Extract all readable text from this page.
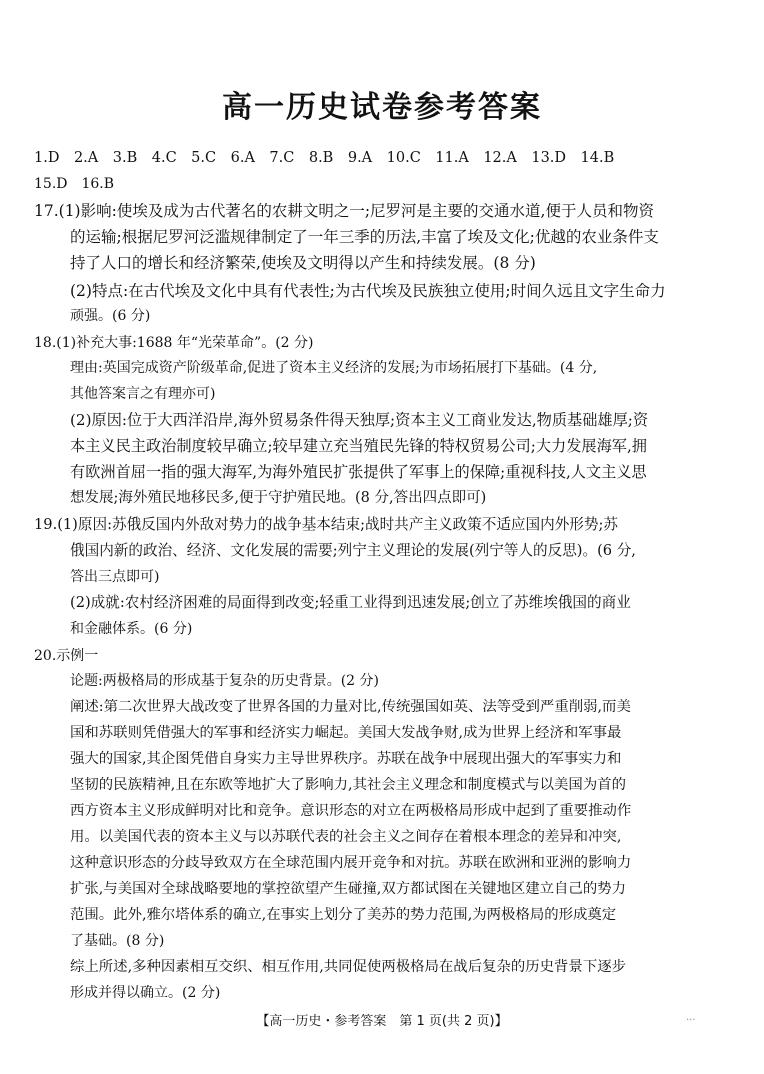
高一历史试卷参考答案
1.D　2.A　3.B　4.C　5.C　6.A　7.C　8.B　9.A　10.C　11.A　12.A　13.D　14.B
15.D　16.B
17.(1)影响:使埃及成为古代著名的农耕文明之一;尼罗河是主要的交通水道,便于人员和物资
的运输;根据尼罗河泛滥规律制定了一年三季的历法,丰富了埃及文化;优越的农业条件支
持了人口的增长和经济繁荣,使埃及文明得以产生和持续发展。(8 分)
(2)特点:在古代埃及文化中具有代表性;为古代埃及民族独立使用;时间久远且文字生命力
顽强。(6 分)
18.(1)补充大事:1688 年“光荣革命”。(2 分)
理由:英国完成资产阶级革命,促进了资本主义经济的发展;为市场拓展打下基础。(4 分,
其他答案言之有理亦可)
(2)原因:位于大西洋沿岸,海外贸易条件得天独厚;资本主义工商业发达,物质基础雄厚;资
本主义民主政治制度较早确立;较早建立充当殖民先锋的特权贸易公司;大力发展海军,拥
有欧洲首屈一指的强大海军,为海外殖民扩张提供了军事上的保障;重视科技,人文主义思
想发展;海外殖民地移民多,便于守护殖民地。(8 分,答出四点即可)
19.(1)原因:苏俄反国内外敌对势力的战争基本结束;战时共产主义政策不适应国内外形势;苏
俄国内新的政治、经济、文化发展的需要;列宁主义理论的发展(列宁等人的反思)。(6 分,
答出三点即可)
(2)成就:农村经济困难的局面得到改变;轻重工业得到迅速发展;创立了苏维埃俄国的商业
和金融体系。(6 分)
20.示例一
论题:两极格局的形成基于复杂的历史背景。(2 分)
阐述:第二次世界大战改变了世界各国的力量对比,传统强国如英、法等受到严重削弱,而美
国和苏联则凭借强大的军事和经济实力崛起。美国大发战争财,成为世界上经济和军事最
强大的国家,其企图凭借自身实力主导世界秩序。苏联在战争中展现出强大的军事实力和
坚韧的民族精神,且在东欧等地扩大了影响力,其社会主义理念和制度模式与以美国为首的
西方资本主义形成鲜明对比和竞争。意识形态的对立在两极格局形成中起到了重要推动作
用。以美国代表的资本主义与以苏联代表的社会主义之间存在着根本理念的差异和冲突,
这种意识形态的分歧导致双方在全球范围内展开竞争和对抗。苏联在欧洲和亚洲的影响力
扩张,与美国对全球战略要地的掌控欲望产生碰撞,双方都试图在关键地区建立自己的势力
范围。此外,雅尔塔体系的确立,在事实上划分了美苏的势力范围,为两极格局的形成奠定
了基础。(8 分)
综上所述,多种因素相互交织、相互作用,共同促使两极格局在战后复杂的历史背景下逐步
形成并得以确立。(2 分)
【高一历史・参考答案　第 1 页(共 2 页)】	...
